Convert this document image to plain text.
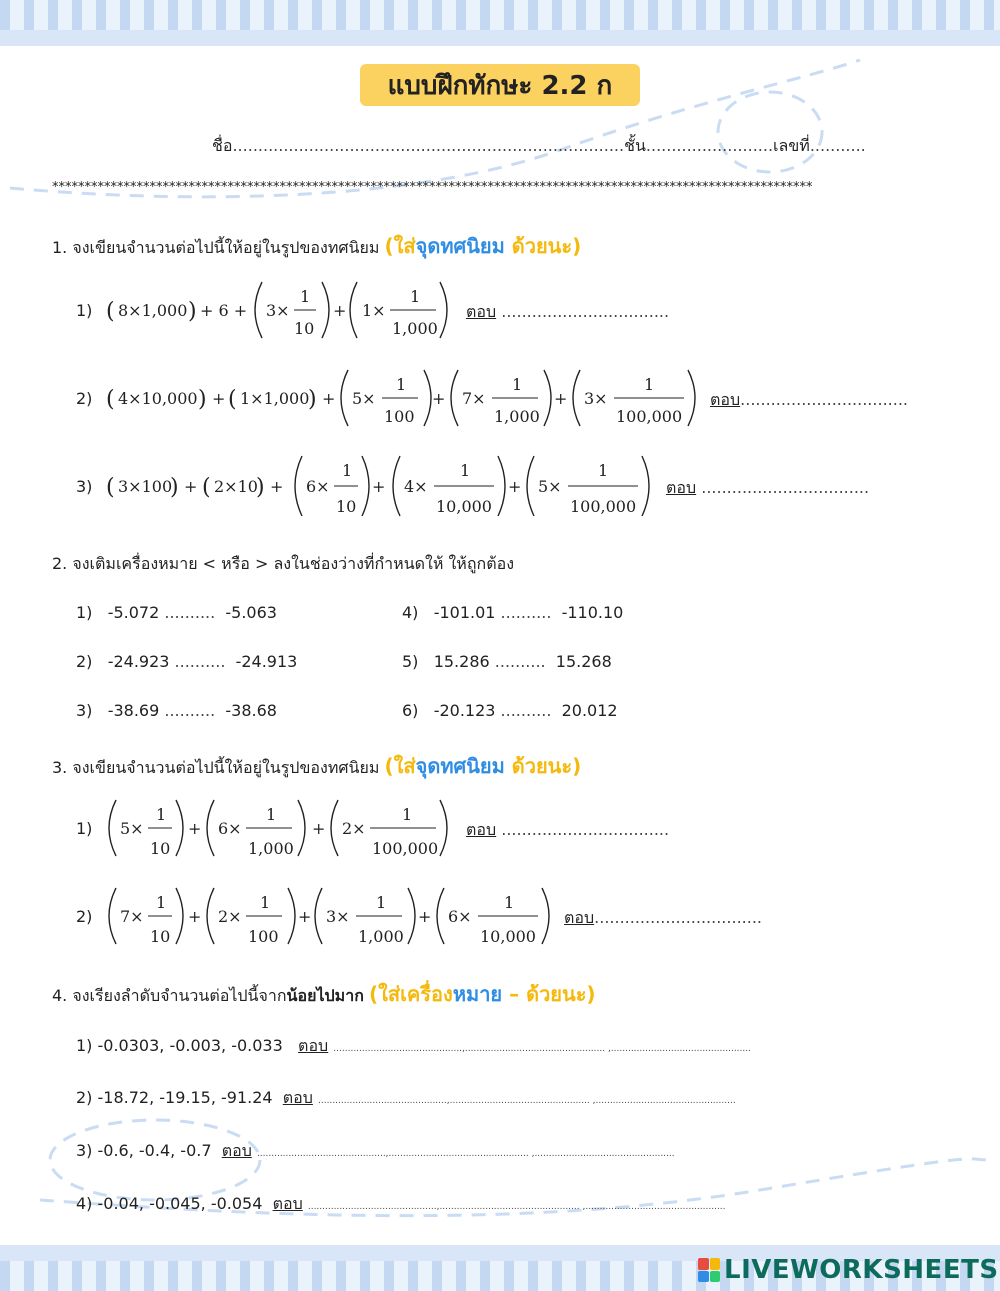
แบบฝึกทักษะ 2.2 ก
ชื่อ.............................................................................ชั้น.........................เลขที่...........
*********************************************************************************************************************
1. จงเขียนจำนวนต่อไปนี้ให้อยู่ในรูปของทศนิยม (ใส่จุดทศนิยม ด้วยนะ)
1)
2)
3)
( 8×1,000 ) + 6 + 3×
1
10
+ 1×
1
1,000
( 4×10,000 ) + ( 1×1,000
) + 5×
1
100
+ 7×
1
1,000
+ 3×
1
100,000
( 3×100
) + ( 2×10
) + 6×
1
10
+ 4×
1
10,000
+ 5×
1
100,000
1)
2)
5×
1
10
+ 6×
1
1,000
+ 2×
1
100,000
7×
1
10
+ 2×
1
100
+ 3×
1
1,000
+ 6×
1
10,000
ตอบ .................................
ตอบ.................................
ตอบ .................................
2. จงเติมเครื่องหมาย < หรือ > ลงในช่องว่างที่กำหนดให้ ให้ถูกต้อง
1) -5.072 .......... -5.063
2) -24.923 .......... -24.913
3) -38.69 .......... -38.68
4) -101.01 .......... -110.10
5) 15.286 .......... 15.268
6) -20.123 .......... 20.012
3. จงเขียนจำนวนต่อไปนี้ให้อยู่ในรูปของทศนิยม (ใส่จุดทศนิยม ด้วยนะ)
ตอบ .................................
ตอบ.................................
4. จงเรียงลำดับจำนวนต่อไปนี้จากน้อยไปมาก (ใส่เครื่องหมาย – ด้วยนะ)
1) -0.0303, -0.003, -0.033 ตอบ .............................................,................................................. ,.................................................
2) -18.72, -19.15, -91.24 ตอบ .............................................,................................................. ,.................................................
3) -0.6, -0.4, -0.7 ตอบ .............................................,................................................. ,.................................................
4) -0.04, -0.045, -0.054 ตอบ .............................................,................................................. ,.................................................
LIVEWORKSHEETS
